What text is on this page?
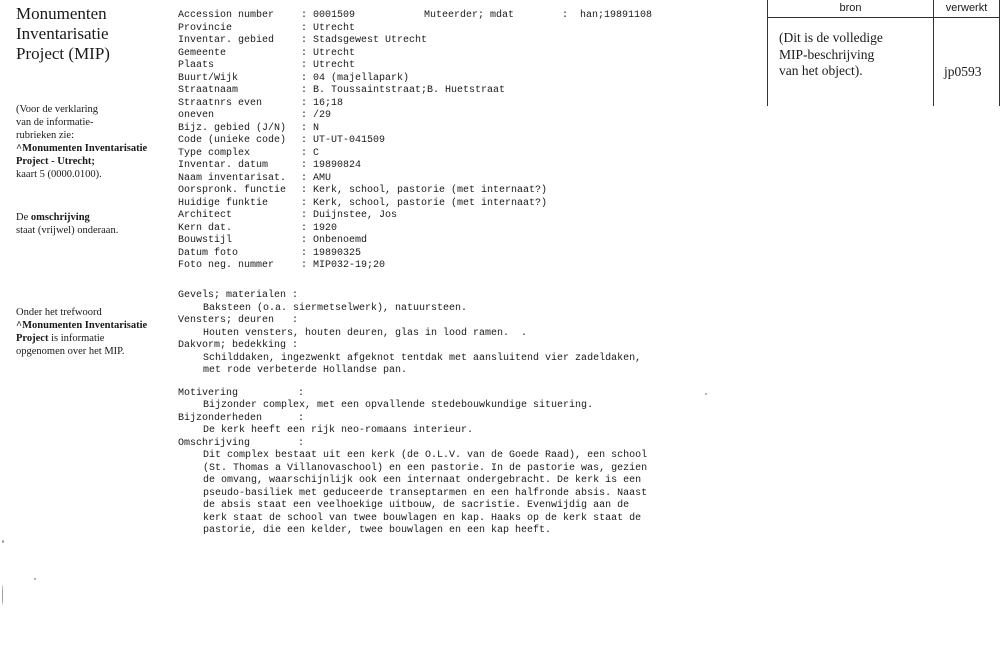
Monumenten
Inventarisatie
Project (MIP)
(Voor de verklaring
van de informatie-
rubrieken zie:
^Monumenten Inventarisatie
Project - Utrecht;
kaart 5 (0000.0100).
De omschrijving
staat (vrijwel) onderaan.
Onder het trefwoord
^Monumenten Inventarisatie
Project is informatie
opgenomen over het MIP.
Muteerder; mdat	: han;19891108
Accession number	: 0001509
Provincie	: Utrecht
Inventar. gebied	: Stadsgewest Utrecht
Gemeente	: Utrecht
Plaats	: Utrecht
Buurt/Wijk	: 04 (majellapark)
Straatnaam	: B. Toussaintstraat;B. Huetstraat
Straatnrs even	: 16;18
oneven	: /29
Bijz. gebied (J/N) : N
Code (unieke code) : UT-UT-041509
Type complex	: C
Inventar. datum	: 19890824
Naam inventarisat. : AMU
Oorspronk. functie : Kerk, school, pastorie (met internaat?)
Huidige funktie	: Kerk, school, pastorie (met internaat?)
Architect	: Duijnstee, Jos
Kern dat.	: 1920
Bouwstijl	: Onbenoemd
Datum foto	: 19890325
Foto neg. nummer	: MIP032-19;20
Gevels; materialen :
Baksteen (o.a. siermetselwerk), natuursteen.
Vensters; deuren   :
Houten vensters, houten deuren, glas in lood ramen.  .
Dakvorm; bedekking :
Schilddaken, ingezwenkt afgeknot tentdak met aansluitend vier zadeldaken,
met rode verbeterde Hollandse pan.
Motivering          :
Bijzonder complex, met een opvallende stedebouwkundige situering.
Bijzonderheden      :
De kerk heeft een rijk neo-romaans interieur.
Omschrijving        :
Dit complex bestaat uit een kerk (de O.L.V. van de Goede Raad), een school
(St. Thomas a Villanovaschool) en een pastorie. In de pastorie was, gezien
de omvang, waarschijnlijk ook een internaat ondergebracht. De kerk is een
pseudo-basiliek met geduceerde transeptarmen en een halfronde absis. Naast
de absis staat een veelhoekige uitbouw, de sacristie. Evenwijdig aan de
kerk staat de school van twee bouwlagen en kap. Haaks op de kerk staat de
pastorie, die een kelder, twee bouwlagen en een kap heeft.
bron	verwerkt
(Dit is de volledige
MIP-beschrijving
van het object).	jp0593
